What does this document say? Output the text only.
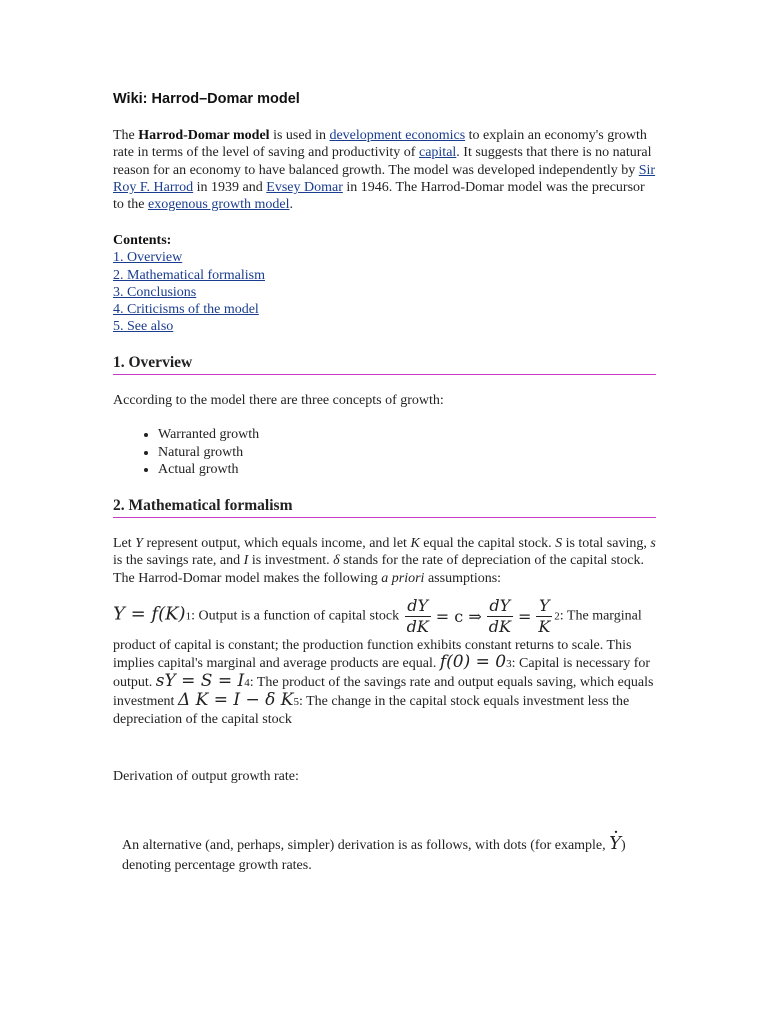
Wiki: Harrod–Domar model
The Harrod-Domar model is used in development economics to explain an economy's growth rate in terms of the level of saving and productivity of capital. It suggests that there is no natural reason for an economy to have balanced growth. The model was developed independently by Sir Roy F. Harrod in 1939 and Evsey Domar in 1946. The Harrod-Domar model was the precursor to the exogenous growth model.
Contents:
1. Overview
2. Mathematical formalism
3. Conclusions
4. Criticisms of the model
5. See also
1. Overview
According to the model there are three concepts of growth:
• Warranted growth
• Natural growth
• Actual growth
2. Mathematical formalism
Let Y represent output, which equals income, and let K equal the capital stock. S is total saving, s is the savings rate, and I is investment. δ stands for the rate of depreciation of the capital stock. The Harrod-Domar model makes the following a priori assumptions:
Y = f(K)1: Output is a function of capital stock $\frac{dY}{dK} = c$ ⇒ $\frac{dY}{dK} = \frac{Y}{K} 2$: The marginal product of capital is constant; the production function exhibits constant returns to scale. This implies capital's marginal and average products are equal. f(0) = 03: Capital is necessary for output. sY = S = I4: The product of the savings rate and output equals saving, which equals investment Δ K = I − δ K5: The change in the capital stock equals investment less the depreciation of the capital stock
Derivation of output growth rate:
An alternative (and, perhaps, simpler) derivation is as follows, with dots (for example, · Y) denoting percentage growth rates.
